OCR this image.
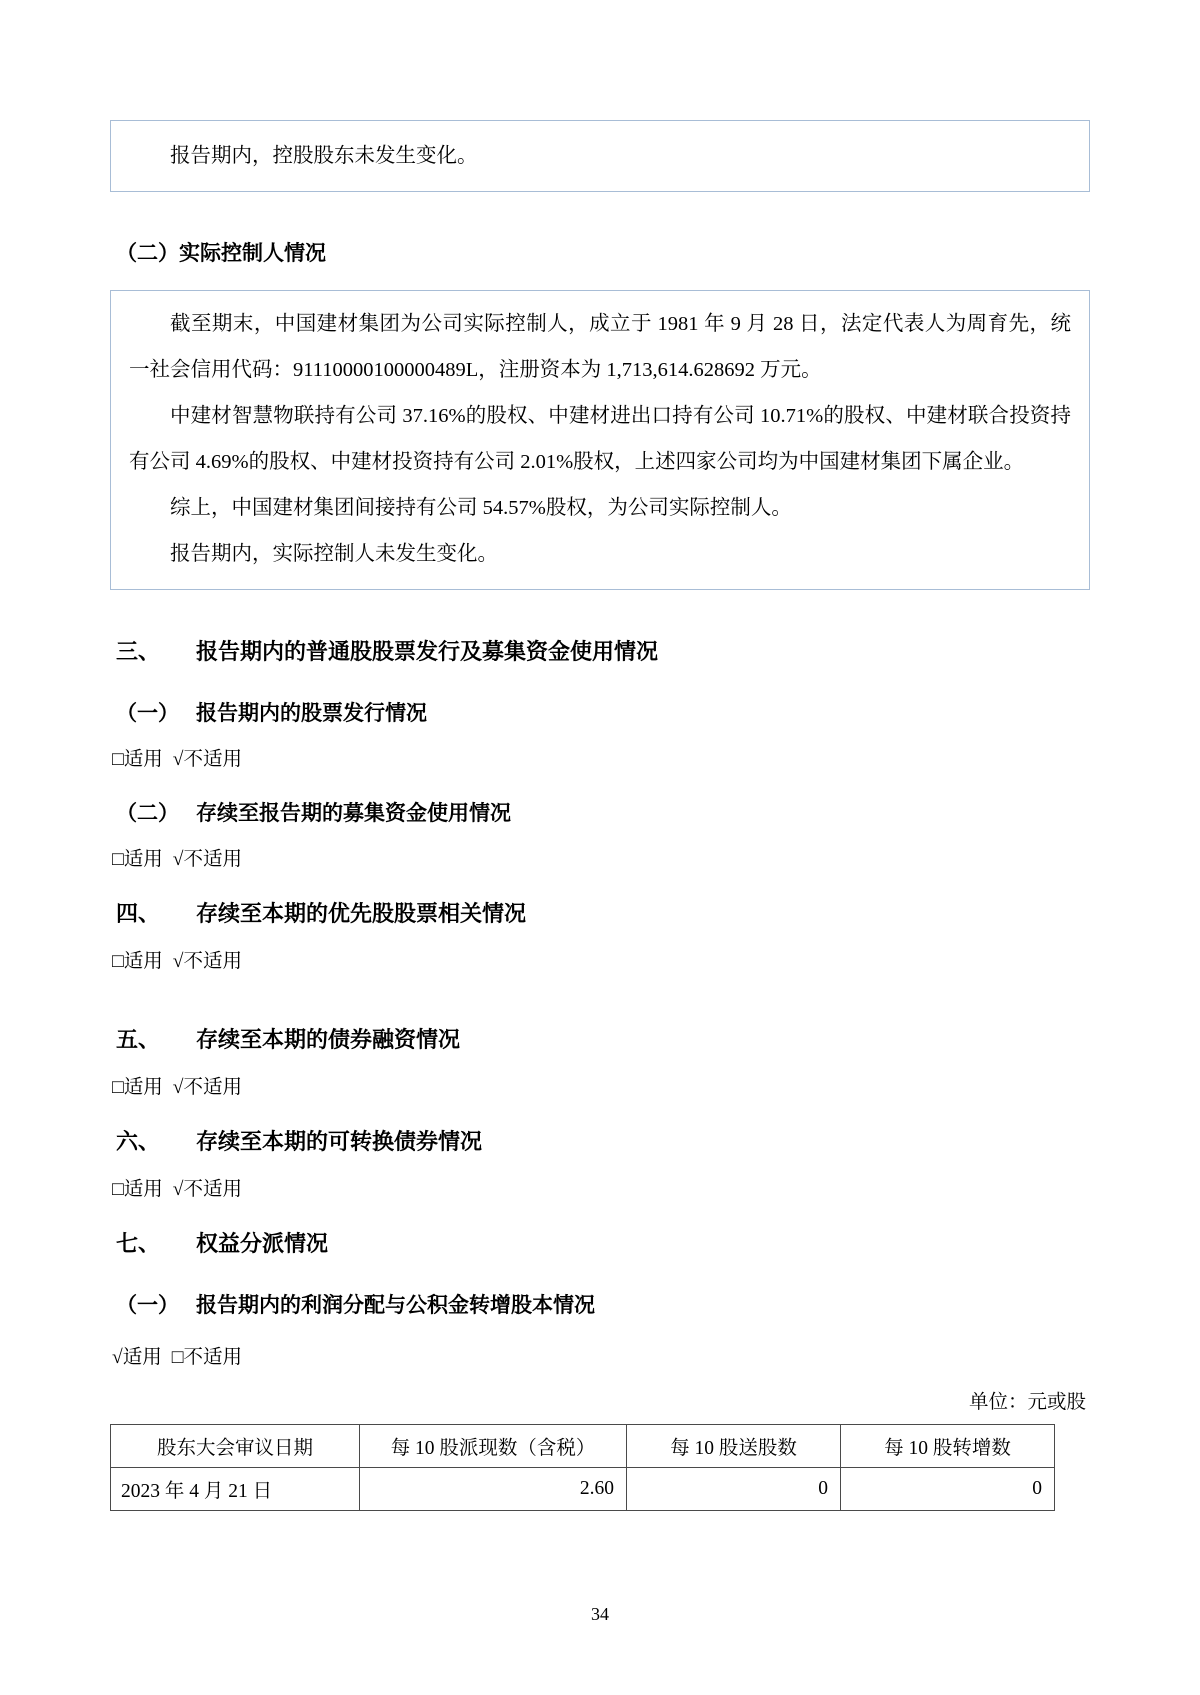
报告期内，控股股东未发生变化。

（二）实际控制人情况

截至期末，中国建材集团为公司实际控制人，成立于 1981 年 9 月 28 日，法定代表人为周育先，统一社会信用代码：91110000100000489L，注册资本为 1,713,614.628692 万元。

中建材智慧物联持有公司 37.16%的股权、中建材进出口持有公司 10.71%的股权、中建材联合投资持有公司 4.69%的股权、中建材投资持有公司 2.01%股权，上述四家公司均为中国建材集团下属企业。

综上，中国建材集团间接持有公司 54.57%股权，为公司实际控制人。

报告期内，实际控制人未发生变化。

三、 报告期内的普通股股票发行及募集资金使用情况
（一） 报告期内的股票发行情况

□适用 √不适用

（二） 存续至报告期的募集资金使用情况

□适用 √不适用

四、 存续至本期的优先股股票相关情况

□适用 √不适用

五、 存续至本期的债券融资情况

□适用 √不适用

六、 存续至本期的可转换债券情况

□适用 √不适用

七、 权益分派情况
（一） 报告期内的利润分配与公积金转增股本情况

√适用 □不适用

单位：元或股

股东大会审议日期	每 10 股派现数（含税）	每 10 股送股数	每 10 股转增数
2023 年 4 月 21 日	2.60	0	0
34
